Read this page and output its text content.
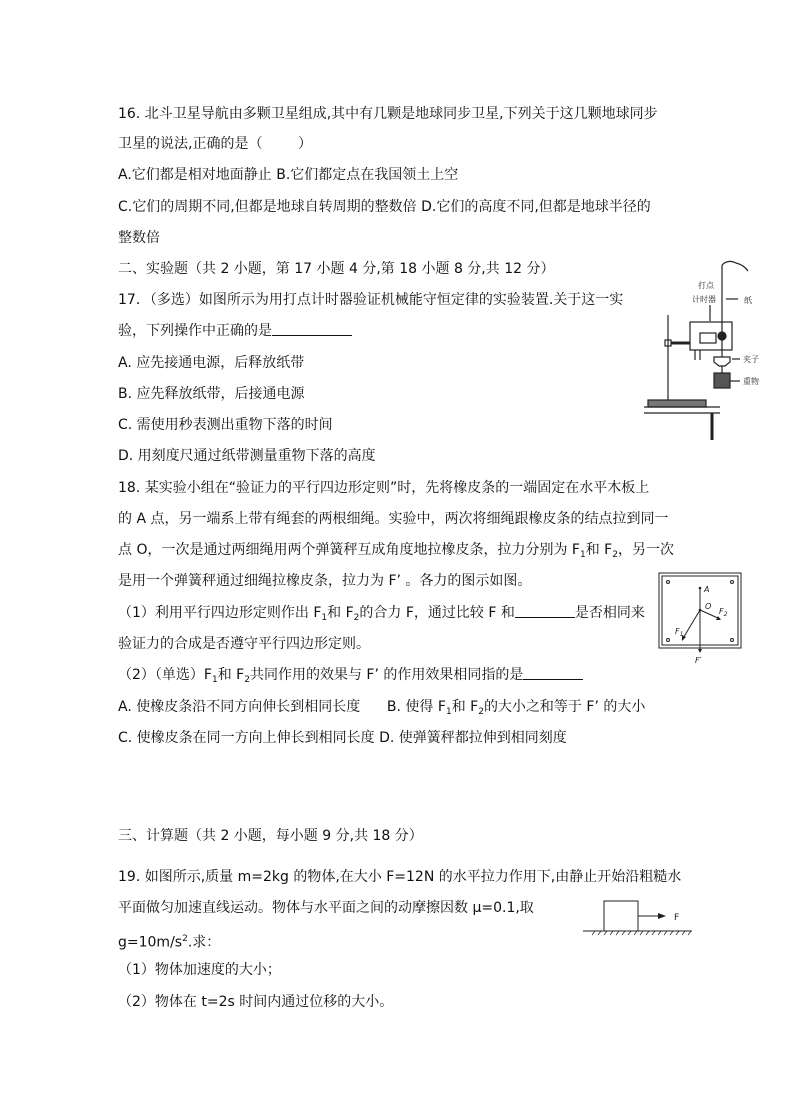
16. 北斗卫星导航由多颗卫星组成,其中有几颗是地球同步卫星,下列关于这几颗地球同步
卫星的说法,正确的是（        ）
A.它们都是相对地面静止 B.它们都定点在我国领土上空
C.它们的周期不同,但都是地球自转周期的整数倍 D.它们的高度不同,但都是地球半径的
整数倍
二、实验题（共 2 小题，第 17 小题 4 分,第 18 小题 8 分,共 12 分）
17．（多选）如图所示为用打点计时器验证机械能守恒定律的实验装置.关于这一实
验，下列操作中正确的是
A. 应先接通电源，后释放纸带
B. 应先释放纸带，后接通电源
C. 需使用秒表测出重物下落的时间
D. 用刻度尺通过纸带测量重物下落的高度
18. 某实验小组在“验证力的平行四边形定则”时，先将橡皮条的一端固定在水平木板上
的 A 点，另一端系上带有绳套的两根细绳。实验中，两次将细绳跟橡皮条的结点拉到同一
点 O，一次是通过两细绳用两个弹簧秤互成角度地拉橡皮条，拉力分别为 $F_1$和 $F_2$，另一次
是用一个弹簧秤通过细绳拉橡皮条，拉力为 F’ 。各力的图示如图。
（1）利用平行四边形定则作出 $F_1$和 $F_2$的合力 F，通过比较 F 和	是否相同来
验证力的合成是否遵守平行四边形定则。
（2）（单选）$F_1$和 $F_2$共同作用的效果与 F’ 的作用效果相同指的是
A. 使橡皮条沿不同方向伸长到相同长度      B. 使得 $F_1$和 $F_2$的大小之和等于 F’ 的大小
C. 使橡皮条在同一方向上伸长到相同长度 D. 使弹簧秤都拉伸到相同刻度
三、计算题（共 2 小题，每小题 9 分,共 18 分）
19. 如图所示,质量 m=2kg 的物体,在大小 F=12N 的水平拉力作用下,由静止开始沿粗糙水
平面做匀加速直线运动。物体与水平面之间的动摩擦因数 μ=0.1,取
$g=10m/s^2$.求：
（1）物体加速度的大小；
（2）物体在 t=2s 时间内通过位移的大小。
打点
计时器	纸
夹子
重物
A
O
$F_1$
$F_2$
F′
F
